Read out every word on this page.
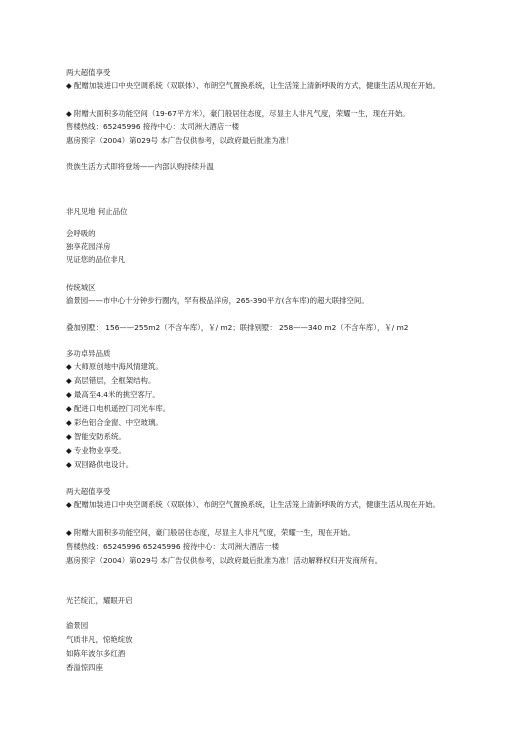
两大超值享受
◆ 配赠加装进口中央空调系统（双联体）、布朗空气置换系统，让生活笼上清新呼吸的方式，健康生活从现在开始。
◆ 附赠大面积多功能空间（19-67平方米），豪门般居住态度，尽显主人非凡气度，荣耀一生，现在开始。
售楼热线：65245996 接待中心：太司洲大酒店一楼
惠房预字（2004）第029号 本广告仅供参考，以政府最后批准为准！
贵族生活方式即将登场——内部认购持续升温
非凡见地 何止品位
会呼吸的
独享花园洋房
见证您的品位非凡
传统城区
渝景园——市中心十分钟步行圈内，罕有极品洋房，265-390平方(含车库)的超大联排空间。
叠加别墅： 156——255m2（不含车库），￥/ m2；联排别墅： 258——340 m2（不含车库），￥/ m2
多功卓异品质
◆ 大师原创地中海风情建筑。
◆ 高层错层，全框架结构。
◆ 最高至4.4米的挑空客厅。
◆ 配进口电机遥控门司光车库。
◆ 彩色铝合金窗、中空玻璃。
◆ 智能安防系统。
◆ 专业物业享受。
◆ 双回路供电设计。
两大超值享受
◆ 配赠加装进口中央空调系统（双联体）、布朗空气置换系统，让生活笼上清新呼吸的方式，健康生活从现在开始。
◆ 附赠大面积多功能空间，豪门般居住态度，尽显主人非凡气度，荣耀一生，现在开始。
售楼热线：65245996 65245996 接待中心：太司洲大酒店一楼
惠房预字（2004）第029号 本广告仅供参考，以政府最后批准为准！活动解释权归开发商所有。
光芒绽汇，耀眼开启
渝景园
气质非凡，惊艳绽放
如陈年波尔多红酒
香溢惊四座
